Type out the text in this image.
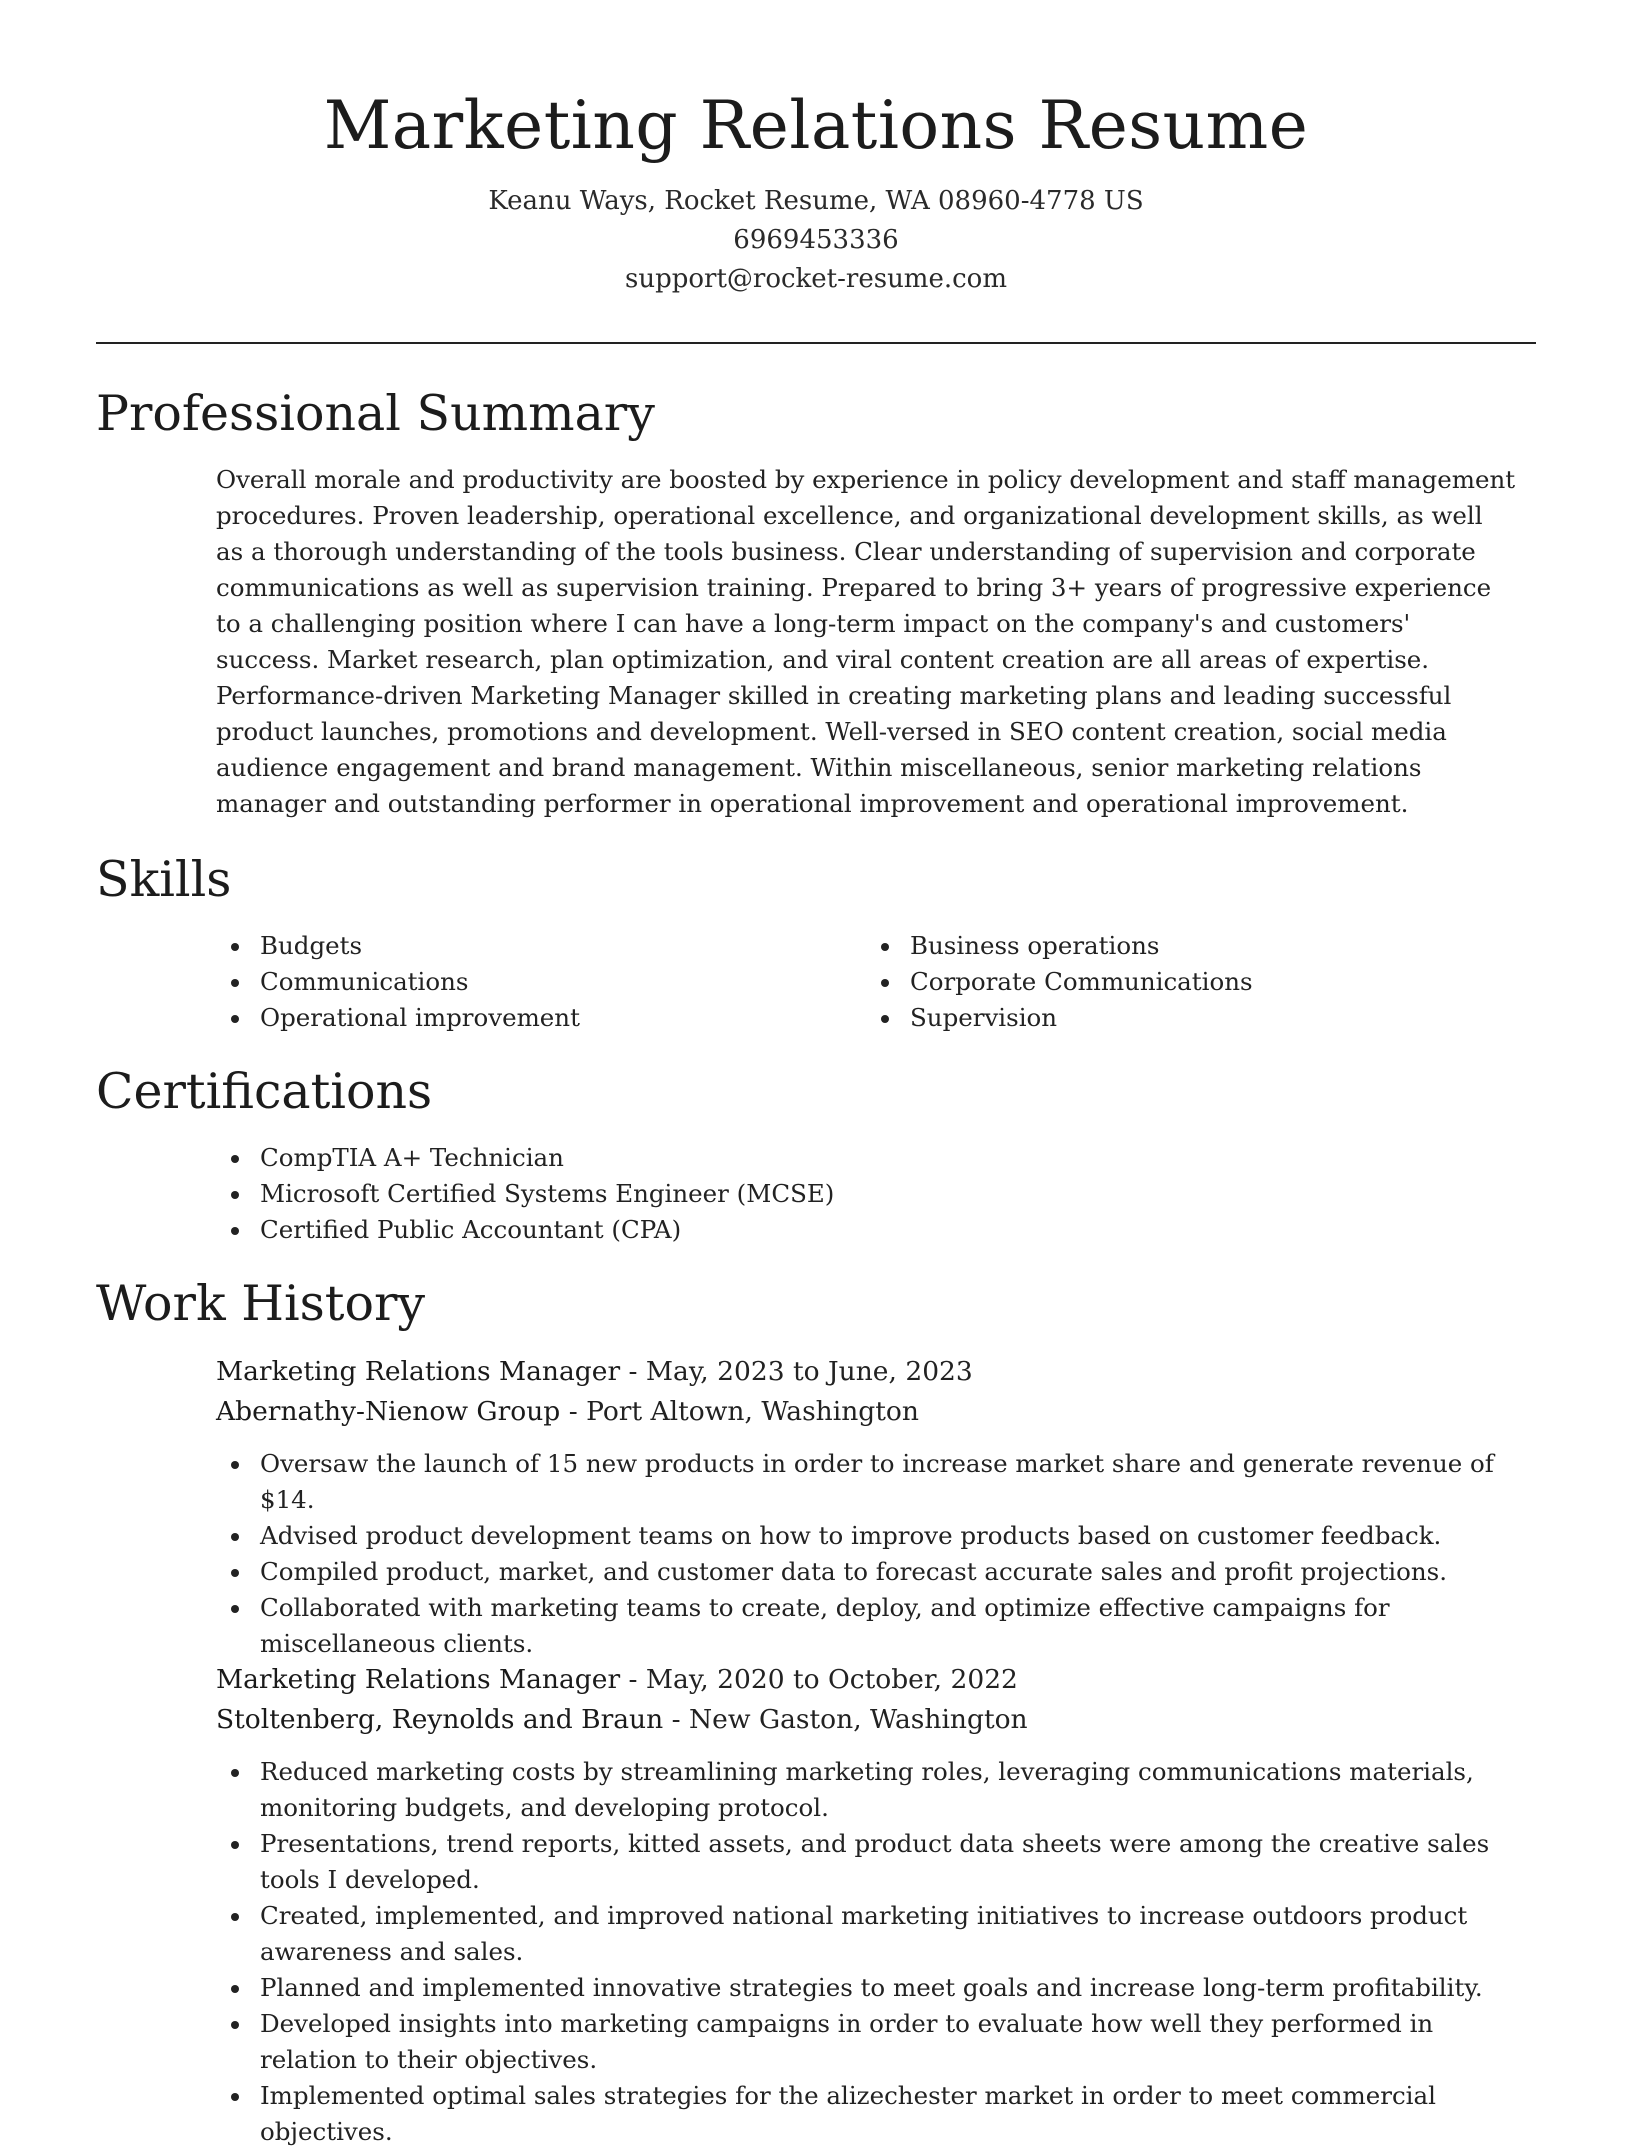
Marketing Relations Resume
Keanu Ways, Rocket Resume, WA 08960-4778 US
6969453336
support@rocket-resume.com
Professional Summary

Overall morale and productivity are boosted by experience in policy development and staff management procedures. Proven leadership, operational excellence, and organizational development skills, as well as a thorough understanding of the tools business. Clear understanding of supervision and corporate communications as well as supervision training. Prepared to bring 3+ years of progressive experience to a challenging position where I can have a long-term impact on the company's and customers' success. Market research, plan optimization, and viral content creation are all areas of expertise. Performance-driven Marketing Manager skilled in creating marketing plans and leading successful product launches, promotions and development. Well-versed in SEO content creation, social media audience engagement and brand management. Within miscellaneous, senior marketing relations manager and outstanding performer in operational improvement and operational improvement.

Skills
Budgets
Communications
Operational improvement
Business operations
Corporate Communications
Supervision
Certifications
CompTIA A+ Technician
Microsoft Certified Systems Engineer (MCSE)
Certified Public Accountant (CPA)
Work History
Marketing Relations Manager - May, 2023 to June, 2023
Abernathy-Nienow Group - Port Altown, Washington
Oversaw the launch of 15 new products in order to increase market share and generate revenue of $14.
Advised product development teams on how to improve products based on customer feedback.
Compiled product, market, and customer data to forecast accurate sales and profit projections.
Collaborated with marketing teams to create, deploy, and optimize effective campaigns for miscellaneous clients.
Marketing Relations Manager - May, 2020 to October, 2022
Stoltenberg, Reynolds and Braun - New Gaston, Washington
Reduced marketing costs by streamlining marketing roles, leveraging communications materials, monitoring budgets, and developing protocol.
Presentations, trend reports, kitted assets, and product data sheets were among the creative sales tools I developed.
Created, implemented, and improved national marketing initiatives to increase outdoors product awareness and sales.
Planned and implemented innovative strategies to meet goals and increase long-term profitability.
Developed insights into marketing campaigns in order to evaluate how well they performed in relation to their objectives.
Implemented optimal sales strategies for the alizechester market in order to meet commercial objectives.
